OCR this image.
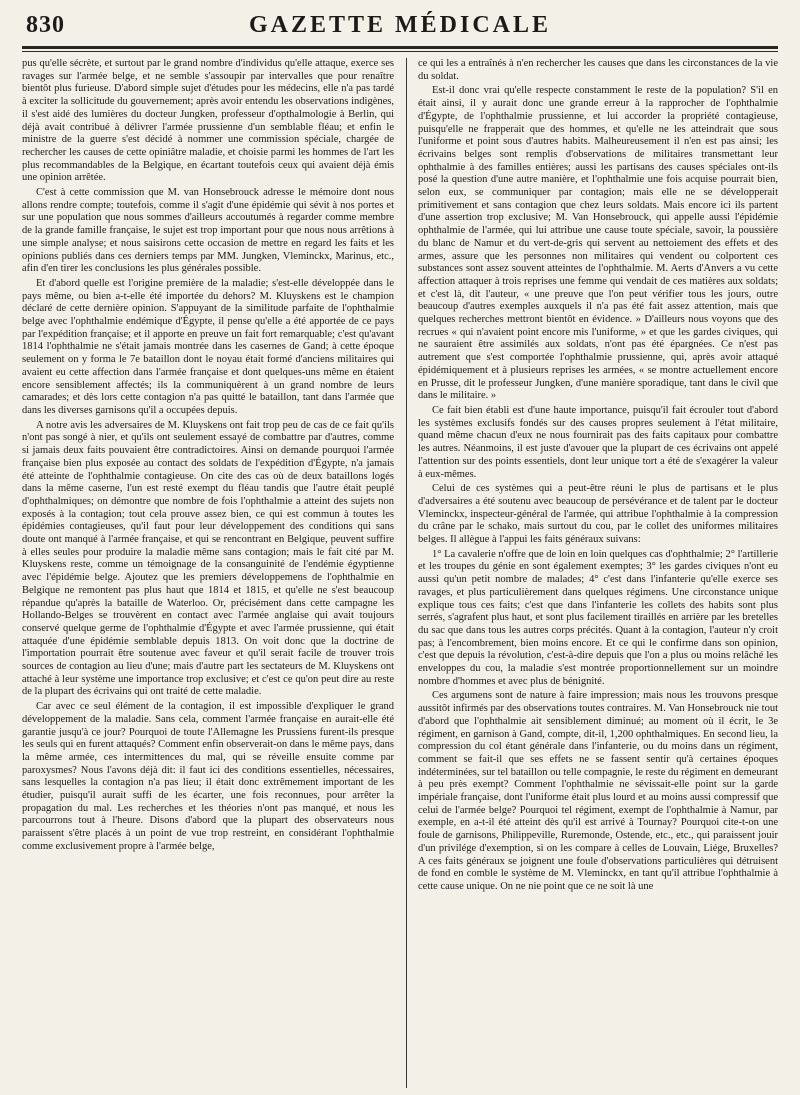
830	GAZETTE MÉDICALE

pus qu'elle sécrète, et surtout par le grand nombre d'individus qu'elle attaque, exerce ses ravages sur l'armée belge, et ne semble s'assoupir par intervalles que pour renaître bientôt plus furieuse. D'abord simple sujet d'études pour les médecins, elle n'a pas tardé à exciter la sollicitude du gouvernement; après avoir entendu les observations indigènes, il s'est aidé des lumières du docteur Jungken, professeur d'opthalmologie à Berlin, qui déjà avait contribué à délivrer l'armée prussienne d'un semblable fléau; et enfin le ministre de la guerre s'est décidé à nommer une commission spéciale, chargée de rechercher les causes de cette opiniâtre maladie, et choisie parmi les hommes de l'art les plus recommandables de la Belgique, en écartant toutefois ceux qui avaient déjà émis une opinion arrêtée.

C'est à cette commission que M. van Honsebrouck adresse le mémoire dont nous allons rendre compte; toutefois, comme il s'agit d'une épidémie qui sévit à nos portes et sur une population que nous sommes d'ailleurs accoutumés à regarder comme membre de la grande famille française, le sujet est trop important pour que nous nous arrêtions à une simple analyse; et nous saisirons cette occasion de mettre en regard les faits et les opinions publiés dans ces derniers temps par MM. Jungken, Vleminckx, Marinus, etc., afin d'en tirer les conclusions les plus générales possible.

Et d'abord quelle est l'origine première de la maladie; s'est-elle développée dans le pays même, ou bien a-t-elle été importée du dehors? M. Kluyskens est le champion déclaré de cette dernière opinion. S'appuyant de la similitude parfaite de l'ophthalmie belge avec l'ophthalmie endémique d'Égypte, il pense qu'elle a été apportée de ce pays par l'expédition française; et il apporte en preuve un fait fort remarquable; c'est qu'avant 1814 l'ophthalmie ne s'était jamais montrée dans les casernes de Gand; à cette époque seulement on y forma le 7e bataillon dont le noyau était formé d'anciens militaires qui avaient eu cette affection dans l'armée française et dont quelques-uns même en étaient encore sensiblement affectés; ils la communiquèrent à un grand nombre de leurs camarades; et dès lors cette contagion n'a pas quitté le bataillon, tant dans l'armée que dans les diverses garnisons qu'il a occupées depuis.

A notre avis les adversaires de M. Kluyskens ont fait trop peu de cas de ce fait qu'ils n'ont pas songé à nier, et qu'ils ont seulement essayé de combattre par d'autres, comme si jamais deux faits pouvaient être contradictoires. Ainsi on demande pourquoi l'armée française bien plus exposée au contact des soldats de l'expédition d'Égypte, n'a jamais été atteinte de l'ophthalmie contagieuse. On cite des cas où de deux bataillons logés dans la même caserne, l'un est resté exempt du fléau tandis que l'autre était peuplé d'ophthalmiques; on démontre que nombre de fois l'ophthalmie a atteint des sujets non exposés à la contagion; tout cela prouve assez bien, ce qui est commun à toutes les épidémies contagieuses, qu'il faut pour leur développement des conditions qui sans doute ont manqué à l'armée française, et qui se rencontrant en Belgique, peuvent suffire à elles seules pour produire la maladie même sans contagion; mais le fait cité par M. Kluyskens reste, comme un témoignage de la consanguinité de l'endémie égyptienne avec l'épidémie belge. Ajoutez que les premiers développemens de l'ophthalmie en Belgique ne remontent pas plus haut que 1814 et 1815, et qu'elle ne s'est beaucoup répandue qu'après la bataille de Waterloo. Or, précisément dans cette campagne les Hollando-Belges se trouvèrent en contact avec l'armée anglaise qui avait toujours conservé quelque germe de l'ophthalmie d'Égypte et avec l'armée prussienne, qui était attaquée d'une épidémie semblable depuis 1813. On voit donc que la doctrine de l'importation pourrait être soutenue avec faveur et qu'il serait facile de trouver trois sources de contagion au lieu d'une; mais d'autre part les sectateurs de M. Kluyskens ont attaché à leur système une importance trop exclusive; et c'est ce qu'on peut dire au reste de la plupart des écrivains qui ont traité de cette maladie.

Car avec ce seul élément de la contagion, il est impossible d'expliquer le grand développement de la maladie. Sans cela, comment l'armée française en aurait-elle été garantie jusqu'à ce jour? Pourquoi de toute l'Allemagne les Prussiens furent-ils presque les seuls qui en furent attaqués? Comment enfin observerait-on dans le même pays, dans la même armée, ces intermittences du mal, qui se réveille ensuite comme par paroxysmes? Nous l'avons déjà dit: il faut ici des conditions essentielles, nécessaires, sans lesquelles la contagion n'a pas lieu; il était donc extrêmement important de les étudier, puisqu'il aurait suffi de les écarter, une fois reconnues, pour arrêter la propagation du mal. Les recherches et les théories n'ont pas manqué, et nous les parcourrons tout à l'heure. Disons d'abord que la plupart des observateurs nous paraissent s'être placés à un point de vue trop restreint, en considérant l'ophthalmie comme exclusivement propre à l'armée belge,

ce qui les a entraînés à n'en rechercher les causes que dans les circonstances de la vie du soldat.

Est-il donc vrai qu'elle respecte constamment le reste de la population? S'il en était ainsi, il y aurait donc une grande erreur à la rapprocher de l'ophthalmie d'Égypte, de l'ophthalmie prussienne, et lui accorder la propriété contagieuse, puisqu'elle ne frapperait que des hommes, et qu'elle ne les atteindrait que sous l'uniforme et point sous d'autres habits. Malheureusement il n'en est pas ainsi; les écrivains belges sont remplis d'observations de militaires transmettant leur ophthalmie à des familles entières; aussi les partisans des causes spéciales ont-ils posé la question d'une autre manière, et l'ophthalmie une fois acquise pourrait bien, selon eux, se communiquer par contagion; mais elle ne se développerait primitivement et sans contagion que chez leurs soldats. Mais encore ici ils partent d'une assertion trop exclusive; M. Van Honsebrouck, qui appelle aussi l'épidémie ophthalmie de l'armée, qui lui attribue une cause toute spéciale, savoir, la poussière du blanc de Namur et du vert-de-gris qui servent au nettoiement des effets et des armes, assure que les personnes non militaires qui vendent ou colportent ces substances sont assez souvent atteintes de l'ophthalmie. M. Aerts d'Anvers a vu cette affection attaquer à trois reprises une femme qui vendait de ces matières aux soldats; et c'est là, dit l'auteur, « une preuve que l'on peut vérifier tous les jours, outre beaucoup d'autres exemples auxquels il n'a pas été fait assez attention, mais que quelques recherches mettront bientôt en évidence. » D'ailleurs nous voyons que des recrues « qui n'avaient point encore mis l'uniforme, » et que les gardes civiques, qui ne sauraient être assimilés aux soldats, n'ont pas été épargnées. Ce n'est pas autrement que s'est comportée l'ophthalmie prussienne, qui, après avoir attaqué épidémiquement et à plusieurs reprises les armées, « se montre actuellement encore en Prusse, dit le professeur Jungken, d'une manière sporadique, tant dans le civil que dans le militaire. »

Ce fait bien établi est d'une haute importance, puisqu'il fait écrouler tout d'abord les systèmes exclusifs fondés sur des causes propres seulement à l'état militaire, quand même chacun d'eux ne nous fournirait pas des faits capitaux pour combattre les autres. Néanmoins, il est juste d'avouer que la plupart de ces écrivains ont appelé l'attention sur des points essentiels, dont leur unique tort a été de s'exagérer la valeur à eux-mêmes.

Celui de ces systèmes qui a peut-être réuni le plus de partisans et le plus d'adversaires a été soutenu avec beaucoup de persévérance et de talent par le docteur Vleminckx, inspecteur-général de l'armée, qui attribue l'ophthalmie à la compression du crâne par le schako, mais surtout du cou, par le collet des uniformes militaires belges. Il allègue à l'appui les faits généraux suivans:

1° La cavalerie n'offre que de loin en loin quelques cas d'ophthalmie; 2° l'artillerie et les troupes du génie en sont également exemptes; 3° les gardes civiques n'ont eu aussi qu'un petit nombre de malades; 4° c'est dans l'infanterie qu'elle exerce ses ravages, et plus particulièrement dans quelques régimens. Une circonstance unique explique tous ces faits; c'est que dans l'infanterie les collets des habits sont plus serrés, s'agrafent plus haut, et sont plus facilement tiraillés en arrière par les bretelles du sac que dans tous les autres corps précités. Quant à la contagion, l'auteur n'y croit pas; à l'encombrement, bien moins encore. Et ce qui le confirme dans son opinion, c'est que depuis la révolution, c'est-à-dire depuis que l'on a plus ou moins relâché les enveloppes du cou, la maladie s'est montrée proportionnellement sur un moindre nombre d'hommes et avec plus de bénignité.

Ces argumens sont de nature à faire impression; mais nous les trouvons presque aussitôt infirmés par des observations toutes contraires. M. Van Honsebrouck nie tout d'abord que l'ophthalmie ait sensiblement diminué; au moment où il écrit, le 3e régiment, en garnison à Gand, compte, dit-il, 1,200 ophthalmiques. En second lieu, la compression du col étant générale dans l'infanterie, ou du moins dans un régiment, comment se fait-il que ses effets ne se fassent sentir qu'à certaines époques indéterminées, sur tel bataillon ou telle compagnie, le reste du régiment en demeurant à peu près exempt? Comment l'ophthalmie ne sévissait-elle point sur la garde impériale française, dont l'uniforme était plus lourd et au moins aussi compressif que celui de l'armée belge? Pourquoi tel régiment, exempt de l'ophthalmie à Namur, par exemple, en a-t-il été atteint dès qu'il est arrivé à Tournay? Pourquoi cite-t-on une foule de garnisons, Philippeville, Ruremonde, Ostende, etc., etc., qui paraissent jouir d'un privilége d'exemption, si on les compare à celles de Louvain, Liége, Bruxelles? A ces faits généraux se joignent une foule d'observations particulières qui détruisent de fond en comble le système de M. Vleminckx, en tant qu'il attribue l'ophthalmie à cette cause unique. On ne nie point que ce ne soit là une
